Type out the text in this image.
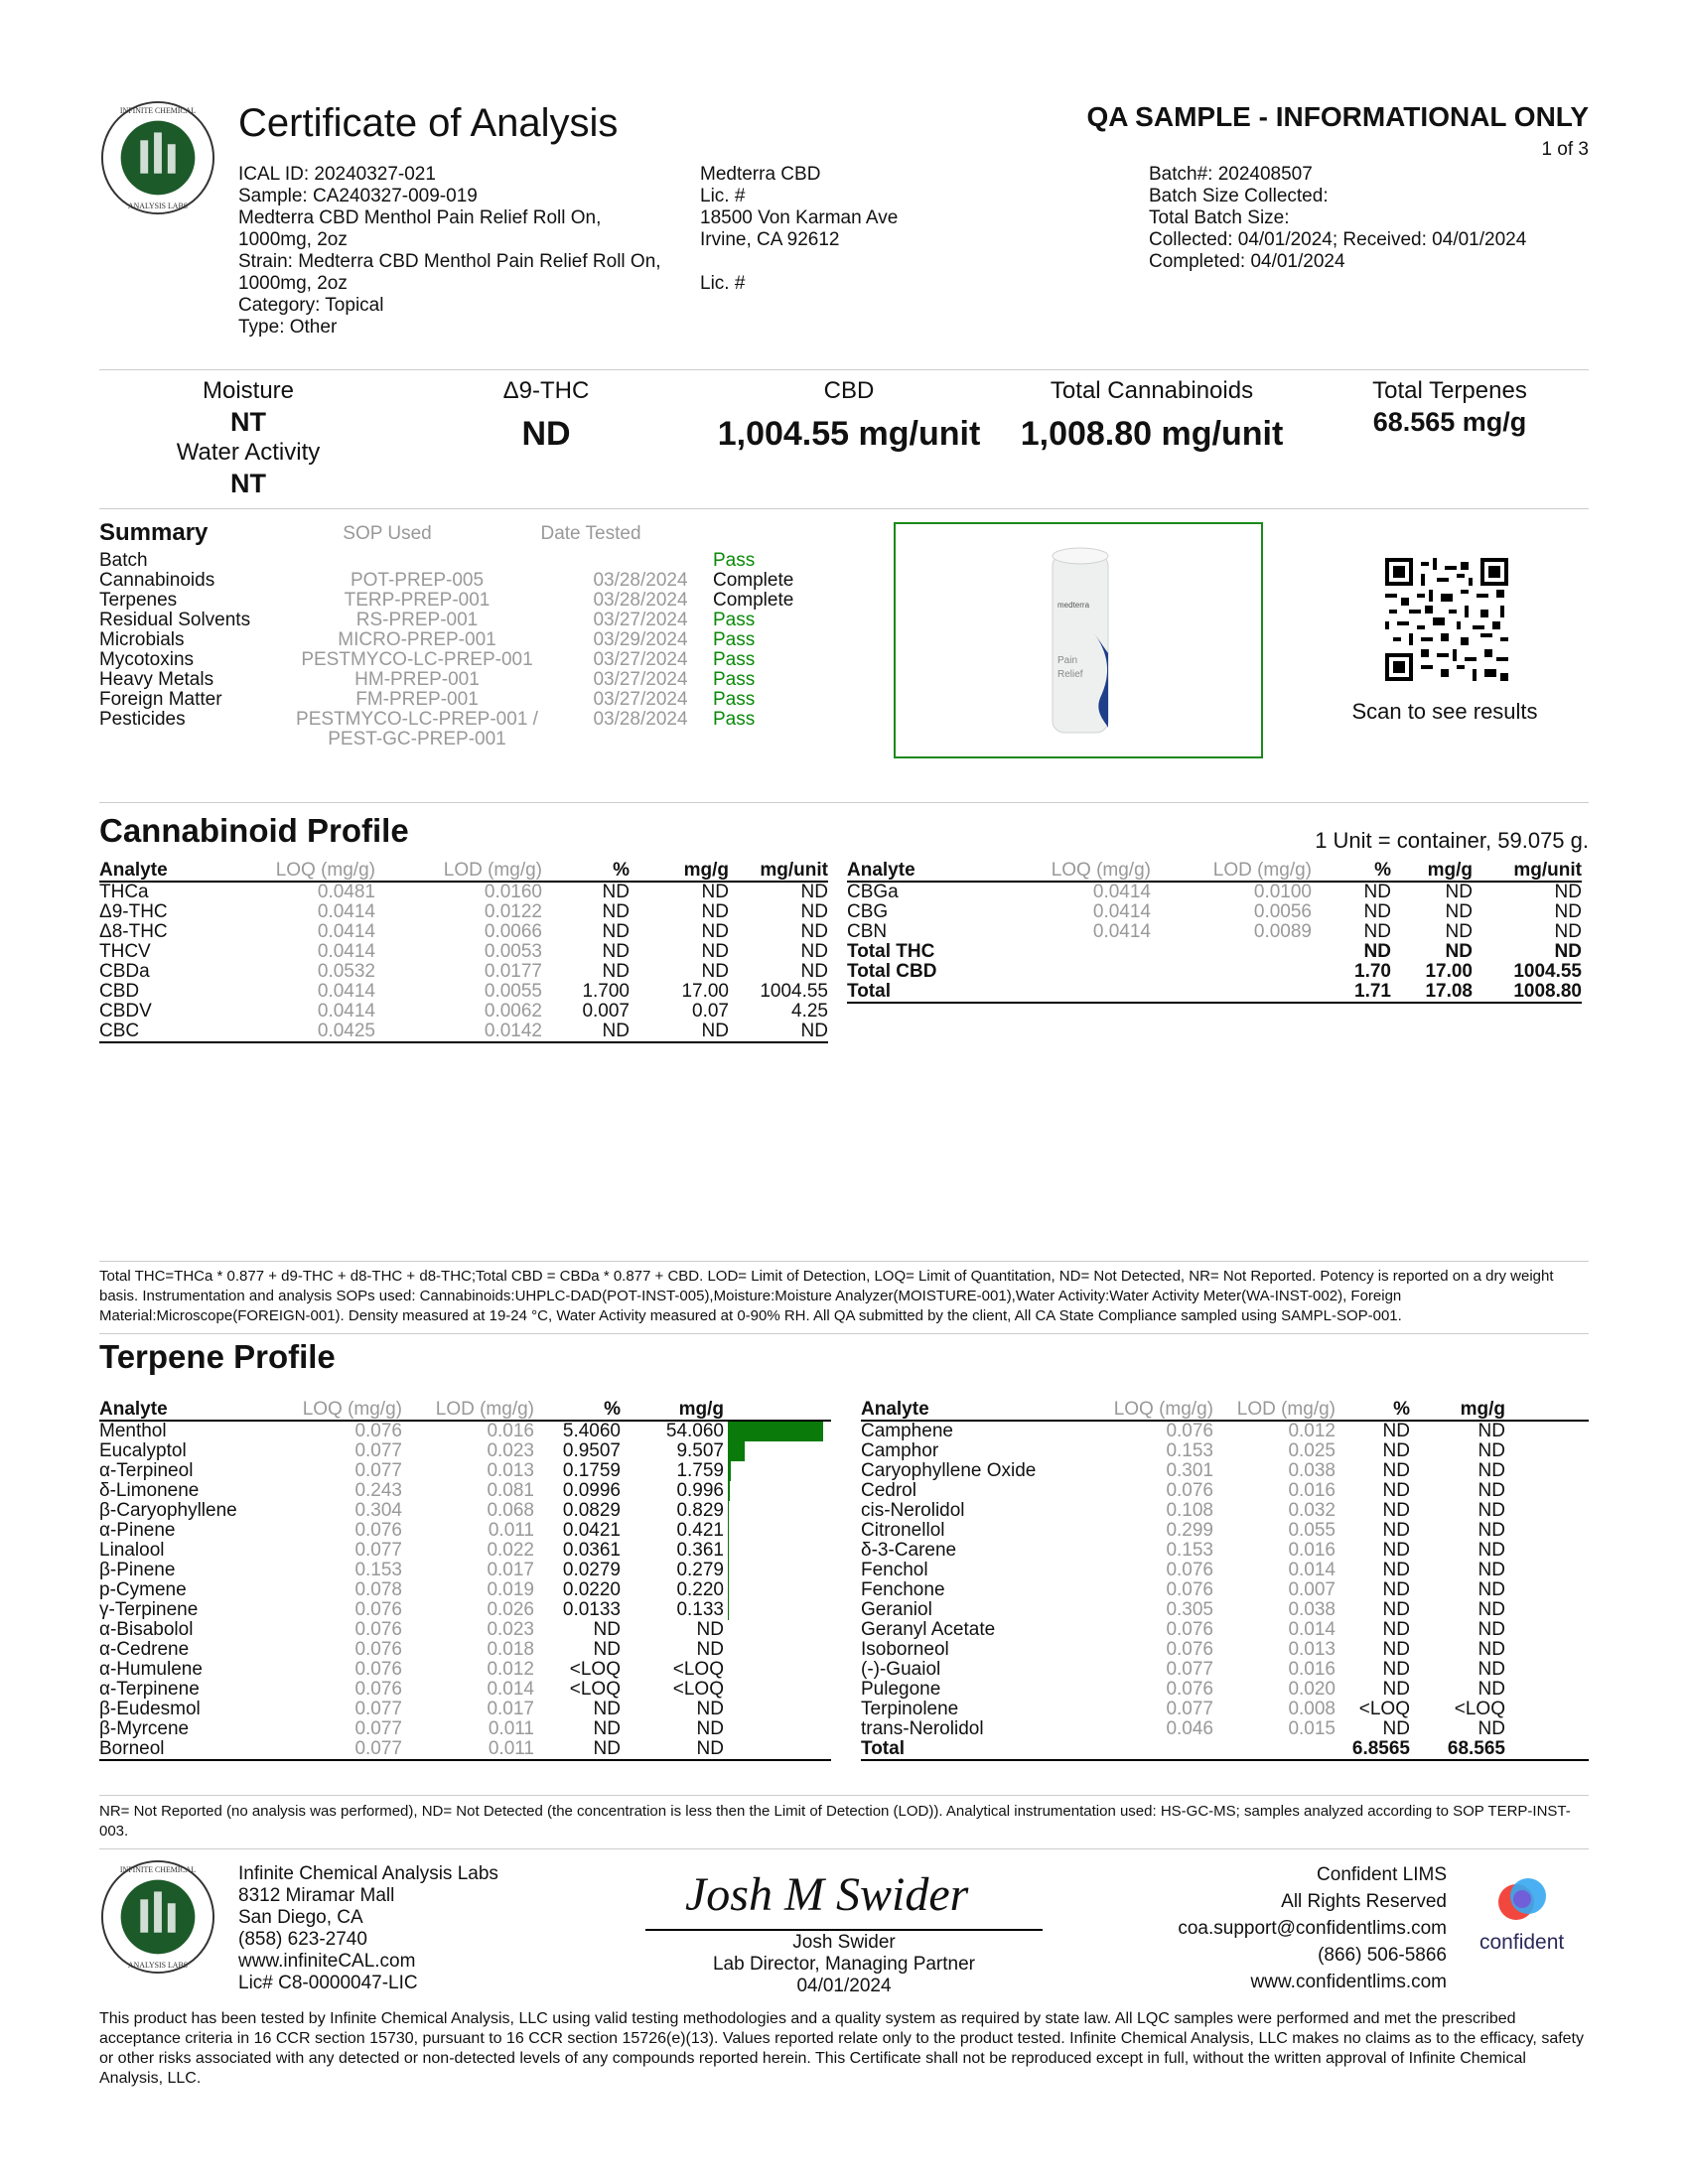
INFINITE CHEMICAL
ANALYSIS LABS
Certificate of Analysis	QA SAMPLE - INFORMATIONAL ONLY
1 of 3
ICAL ID: 20240327-021
Sample: CA240327-009-019
Medterra CBD Menthol Pain Relief Roll On,
1000mg, 2oz
Strain: Medterra CBD Menthol Pain Relief Roll On,
1000mg, 2oz
Category: Topical
Type: Other
Medterra CBD
Lic. #
18500 Von Karman Ave
Irvine, CA 92612
Lic. #
Batch#: 202408507
Batch Size Collected:
Total Batch Size:
Collected: 04/01/2024; Received: 04/01/2024
Completed: 04/01/2024
Moisture
NT
Water Activity
NT
Δ9-THC
ND
CBD
1,004.55 mg/unit
Total Cannabinoids
1,008.80 mg/unit
Total Terpenes
68.565 mg/g
Summary	SOP Used	Date Tested
Batch	Pass
Cannabinoids	POT-PREP-005	03/28/2024	Complete
Terpenes	TERP-PREP-001	03/28/2024	Complete
Residual Solvents	RS-PREP-001	03/27/2024	Pass
Microbials	MICRO-PREP-001	03/29/2024	Pass
Mycotoxins	PESTMYCO-LC-PREP-001	03/27/2024	Pass
Heavy Metals	HM-PREP-001	03/27/2024	Pass
Foreign Matter	FM-PREP-001	03/27/2024	Pass
Pesticides	PESTMYCO-LC-PREP-001 /	03/28/2024	Pass
PEST-GC-PREP-001
medterra
Pain
Relief
Scan to see results
Cannabinoid Profile	1 Unit = container, 59.075 g.
Analyte	LOQ (mg/g)	LOD (mg/g)	%	mg/g	mg/unit
THCa	0.0481	0.0160	ND	ND	ND
Δ9-THC	0.0414	0.0122	ND	ND	ND
Δ8-THC	0.0414	0.0066	ND	ND	ND
THCV	0.0414	0.0053	ND	ND	ND
CBDa	0.0532	0.0177	ND	ND	ND
CBD	0.0414	0.0055	1.700	17.00	1004.55
CBDV	0.0414	0.0062	0.007	0.07	4.25
CBC	0.0425	0.0142	ND	ND	ND
Analyte	LOQ (mg/g)	LOD (mg/g)	%	mg/g	mg/unit
CBGa	0.0414	0.0100	ND	ND	ND
CBG	0.0414	0.0056	ND	ND	ND
CBN	0.0414	0.0089	ND	ND	ND
Total THC			ND	ND	ND
Total CBD			1.70	17.00	1004.55
Total			1.71	17.08	1008.80
Total THC=THCa * 0.877 + d9-THC + d8-THC + d8-THC;Total CBD = CBDa * 0.877 + CBD. LOD= Limit of Detection, LOQ= Limit of Quantitation, ND= Not Detected, NR= Not Reported. Potency is reported on a dry weight basis. Instrumentation and analysis SOPs used: Cannabinoids:UHPLC-DAD(POT-INST-005),Moisture:Moisture Analyzer(MOISTURE-001),Water Activity:Water Activity Meter(WA-INST-002), Foreign Material:Microscope(FOREIGN-001). Density measured at 19-24 °C, Water Activity measured at 0-90% RH. All QA submitted by the client, All CA State Compliance sampled using SAMPL-SOP-001.
Terpene Profile
Analyte	LOQ (mg/g)	LOD (mg/g)	%	mg/g	
Menthol	0.076	0.016	5.4060	54.060	

Eucalyptol	0.077	0.023	0.9507	9.507	

α-Terpineol	0.077	0.013	0.1759	1.759	

δ-Limonene	0.243	0.081	0.0996	0.996	

β-Caryophyllene	0.304	0.068	0.0829	0.829	

α-Pinene	0.076	0.011	0.0421	0.421	

Linalool	0.077	0.022	0.0361	0.361	

β-Pinene	0.153	0.017	0.0279	0.279	

p-Cymene	0.078	0.019	0.0220	0.220	

γ-Terpinene	0.076	0.026	0.0133	0.133	

α-Bisabolol	0.076	0.023	ND	ND	
α-Cedrene	0.076	0.018	ND	ND	
α-Humulene	0.076	0.012	<LOQ	<LOQ	
α-Terpinene	0.076	0.014	<LOQ	<LOQ	
β-Eudesmol	0.077	0.017	ND	ND	
β-Myrcene	0.077	0.011	ND	ND	
Borneol	0.077	0.011	ND	ND	
Analyte	LOQ (mg/g)	LOD (mg/g)	%	mg/g	
Camphene	0.076	0.012	ND	ND	
Camphor	0.153	0.025	ND	ND	
Caryophyllene Oxide	0.301	0.038	ND	ND	
Cedrol	0.076	0.016	ND	ND	
cis-Nerolidol	0.108	0.032	ND	ND	
Citronellol	0.299	0.055	ND	ND	
δ-3-Carene	0.153	0.016	ND	ND	
Fenchol	0.076	0.014	ND	ND	
Fenchone	0.076	0.007	ND	ND	
Geraniol	0.305	0.038	ND	ND	
Geranyl Acetate	0.076	0.014	ND	ND	
Isoborneol	0.076	0.013	ND	ND	
(-)-Guaiol	0.077	0.016	ND	ND	
Pulegone	0.076	0.020	ND	ND	
Terpinolene	0.077	0.008	<LOQ	<LOQ	
trans-Nerolidol	0.046	0.015	ND	ND	
Total			6.8565	68.565	
NR= Not Reported (no analysis was performed), ND= Not Detected (the concentration is less then the Limit of Detection (LOD)). Analytical instrumentation used: HS-GC-MS; samples analyzed according to SOP TERP-INST-003.
INFINITE CHEMICAL
ANALYSIS LABS
Infinite Chemical Analysis Labs
8312 Miramar Mall
San Diego, CA
(858) 623-2740
www.infiniteCAL.com
Lic# C8-0000047-LIC
Josh M Swider
Josh Swider
Lab Director, Managing Partner
04/01/2024
Confident LIMS
All Rights Reserved
coa.support@confidentlims.com
(866) 506-5866
www.confidentlims.com
confident
This product has been tested by Infinite Chemical Analysis, LLC using valid testing methodologies and a quality system as required by state law. All LQC samples were performed and met the prescribed acceptance criteria in 16 CCR section 15730, pursuant to 16 CCR section 15726(e)(13). Values reported relate only to the product tested. Infinite Chemical Analysis, LLC makes no claims as to the efficacy, safety or other risks associated with any detected or non-detected levels of any compounds reported herein. This Certificate shall not be reproduced except in full, without the written approval of Infinite Chemical Analysis, LLC.
